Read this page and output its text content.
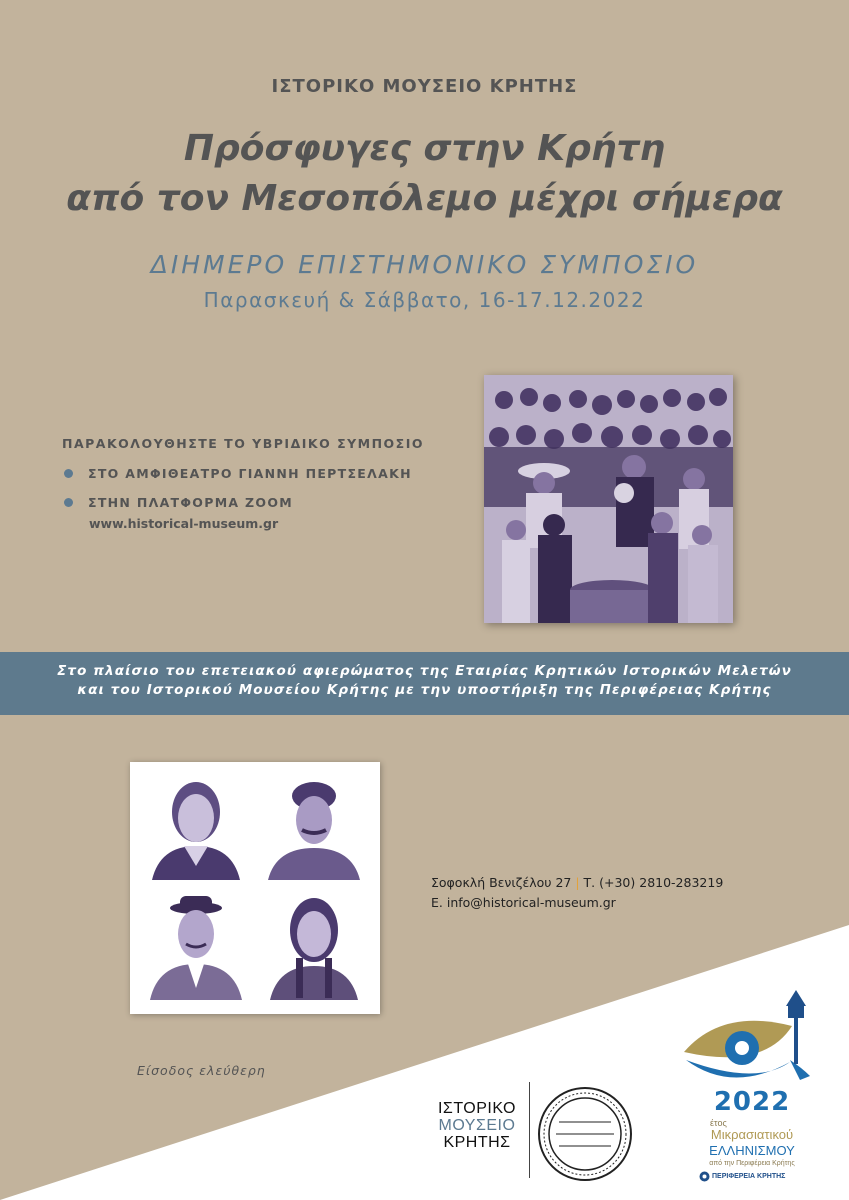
ΙΣΤΟΡΙΚΟ ΜΟΥΣΕΙΟ ΚΡΗΤΗΣ
Πρόσφυγες στην Κρήτη
από τον Μεσοπόλεμο μέχρι σήμερα
ΔΙΗΜΕΡΟ ΕΠΙΣΤΗΜΟΝΙΚΟ ΣΥΜΠΟΣΙΟ
Παρασκευή & Σάββατο, 16-17.12.2022
ΠΑΡΑΚΟΛΟΥΘΗΣΤΕ ΤΟ ΥΒΡΙΔΙΚΟ ΣΥΜΠΟΣΙΟ
ΣΤΟ ΑΜΦΙΘΕΑΤΡΟ ΓΙΑΝΝΗ ΠΕΡΤΣΕΛΑΚΗ
ΣΤΗΝ ΠΛΑΤΦΟΡΜΑ ZOOM
www.historical-museum.gr

Στο πλαίσιο του επετειακού αφιερώματος της Εταιρίας Κρητικών Ιστορικών Μελετών

και του Ιστορικού Μουσείου Κρήτης με την υποστήριξη της Περιφέρειας Κρήτης

Σοφοκλή Βενιζέλου 27 | Τ. (+30) 2810-283219
E. info@historical-museum.gr
Είσοδος ελεύθερη
ΙΣΤΟΡΙΚΟ
ΜΟΥΣΕΙΟ
ΚΡΗΤΗΣ
2022
έτος
Μικρασιατικού
ΕΛΛΗΝΙΣΜΟΥ
από την Περιφέρεια Κρήτης
ΠΕΡΙΦΕΡΕΙΑ ΚΡΗΤΗΣ
